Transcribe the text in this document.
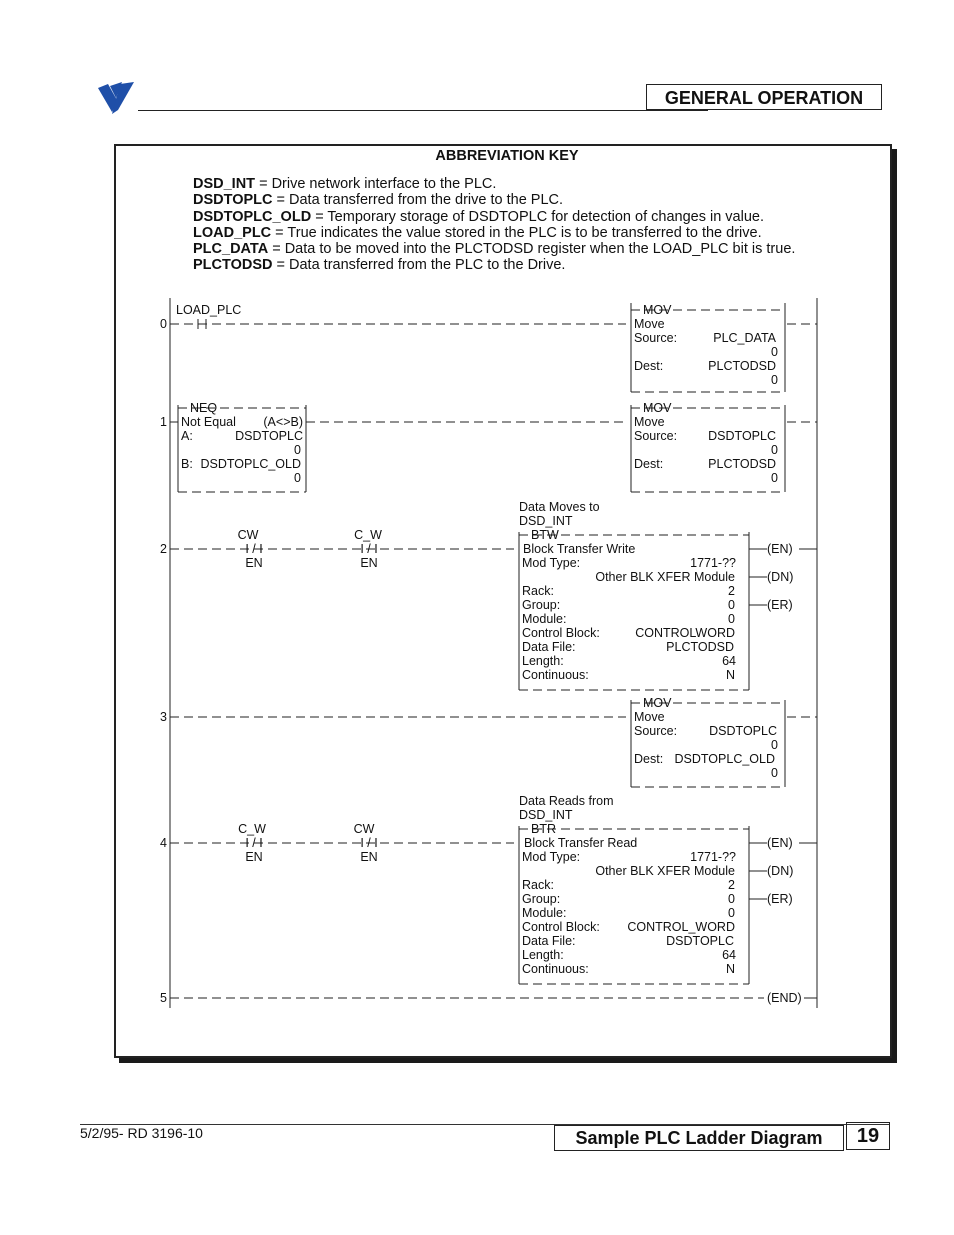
GENERAL OPERATION
ABBREVIATION KEY
DSD_INT = Drive network interface to the PLC.
DSDTOPLC = Data transferred from the drive to the PLC.
DSDTOPLC_OLD = Temporary storage of DSDTOPLC for detection of changes in value.
LOAD_PLC = True indicates the value stored in the PLC is to be transferred to the drive.
PLC_DATA = Data to be moved into the PLCTODSD register when the LOAD_PLC bit is true.
PLCTODSD = Data transferred from the PLC to the Drive.
0
1
2
3
4
5
LOAD_PLC	MOV
Move
Source:	PLC_DATA
0
Dest:	PLCTODSD
0
NEQ
Not Equal (A<>B)
A:	DSDTOPLC
0
B: DSDTOPLC_OLD
0
MOV
Move
Source: DSDTOPLC
0
Dest:	PLCTODSD
0
Data Moves to
DSD_INT
CW
I / I
EN
C_W
I / I
EN
BTW
Block Transfer Write
Mod Type:	1771-??
Other BLK XFER Module
Rack:	2
Group:	0
Module:	0
Control Block:	CONTROLWORD
Data File:	PLCTODSD
Length:	64
Continuous:	N
(EN)
(DN)
(ER)
MOV
Move
Source:	DSDTOPLC
0
Dest: DSDTOPLC_OLD
0
Data Reads from
DSD_INT
C_W
I / I
EN
CW
I / I
EN
BTR
Block Transfer Read
Mod Type:	1771-??
Other BLK XFER Module
Rack:	2
Group:	0
Module:	0
Control Block: CONTROL_WORD
Data File:	DSDTOPLC
Length:	64
Continuous:	N
(EN)
(DN)
(ER)
(END)
5/2/95- RD 3196-10	Sample PLC Ladder Diagram	19
